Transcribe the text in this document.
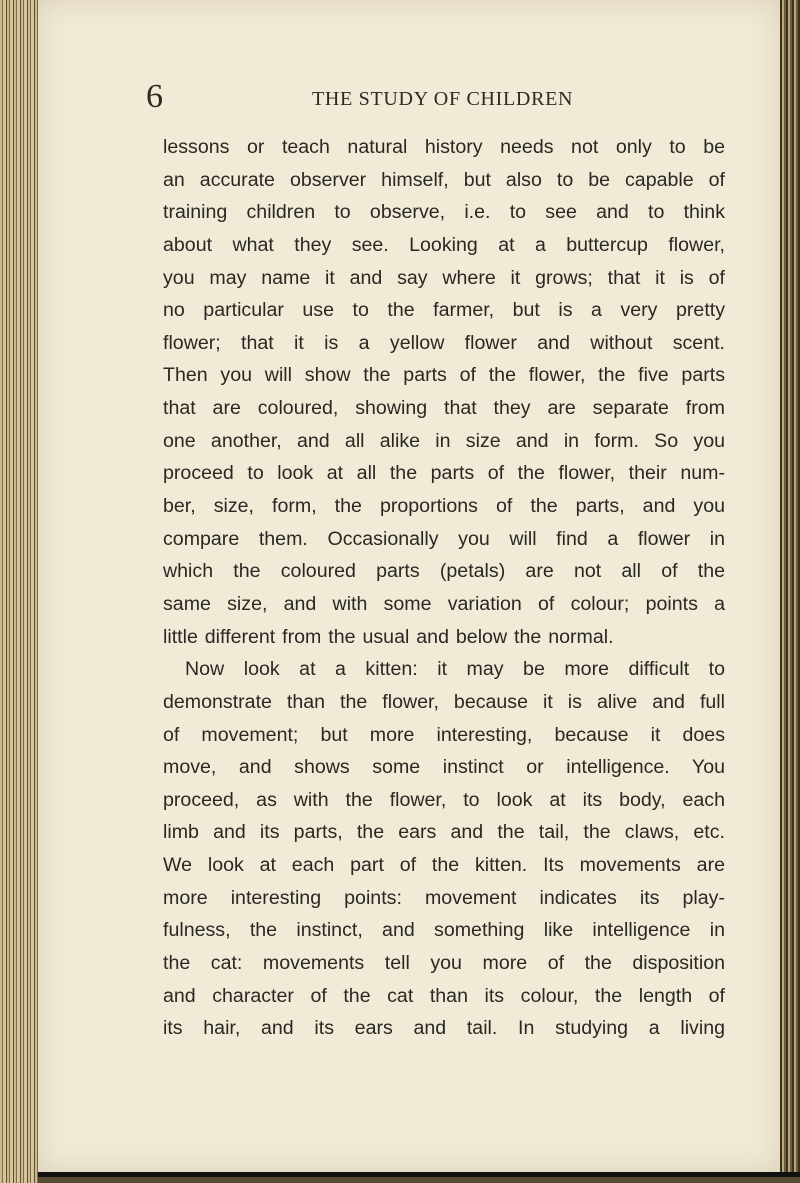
6	THE STUDY OF CHILDREN
lessons or teach natural history needs not only to be
an accurate observer himself, but also to be capable of
training children to observe, i.e. to see and to think
about what they see. Looking at a buttercup flower,
you may name it and say where it grows; that it is of
no particular use to the farmer, but is a very pretty
flower; that it is a yellow flower and without scent.
Then you will show the parts of the flower, the five parts
that are coloured, showing that they are separate from
one another, and all alike in size and in form. So you
proceed to look at all the parts of the flower, their num-
ber, size, form, the proportions of the parts, and you
compare them. Occasionally you will find a flower in
which the coloured parts (petals) are not all of the
same size, and with some variation of colour; points a
little different from the usual and below the normal.
Now look at a kitten: it may be more difficult to
demonstrate than the flower, because it is alive and full
of movement; but more interesting, because it does
move, and shows some instinct or intelligence. You
proceed, as with the flower, to look at its body, each
limb and its parts, the ears and the tail, the claws, etc.
We look at each part of the kitten. Its movements are
more interesting points: movement indicates its play-
fulness, the instinct, and something like intelligence in
the cat: movements tell you more of the disposition
and character of the cat than its colour, the length of
its hair, and its ears and tail. In studying a living
